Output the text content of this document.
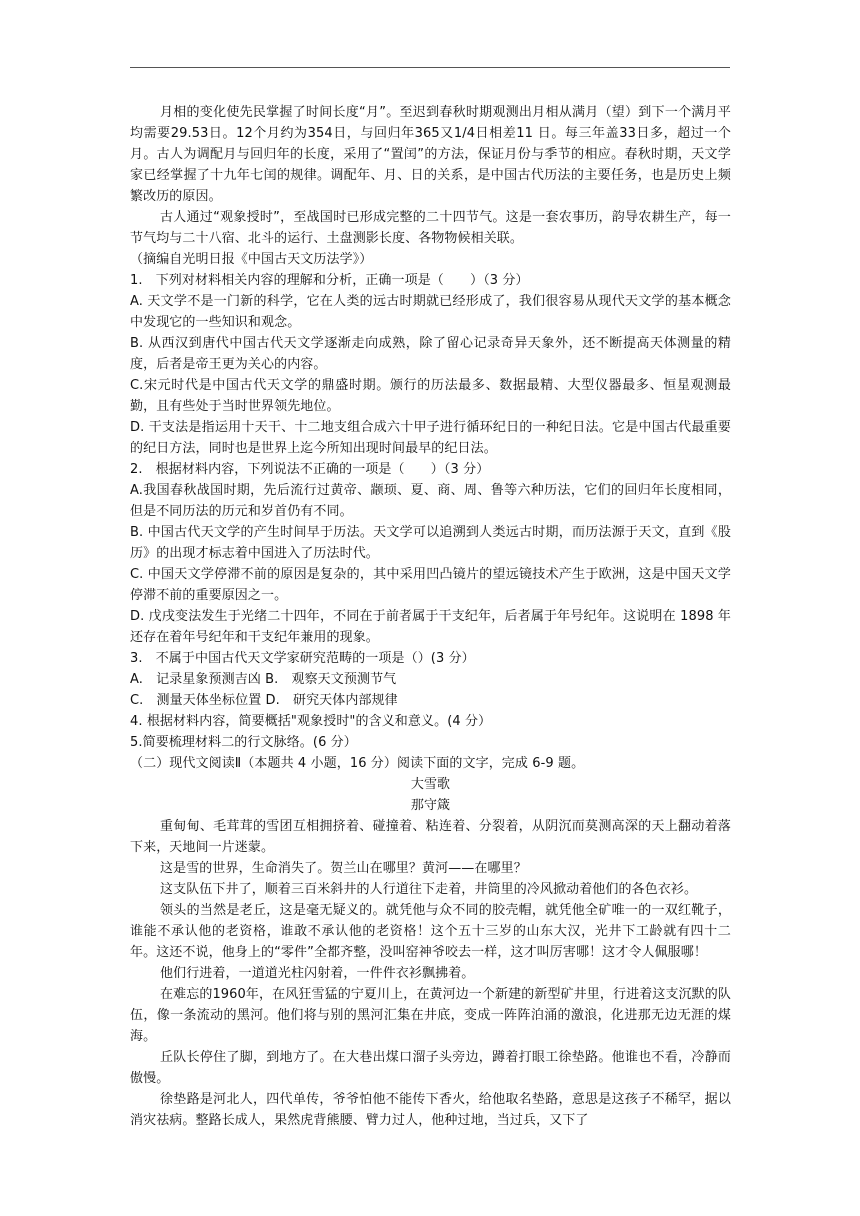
月相的变化使先民掌握了时间长度“月”。至迟到春秋时期观测出月相从满月（望）到下一个满月平均需要29.53日。12个月约为354日，与回归年365又1/4日相差11 日。每三年盖33日多，超过一个月。古人为调配月与回归年的长度，采用了“置闰”的方法，保证月份与季节的相应。春秋时期，天文学家已经掌握了十九年七闰的规律。调配年、月、日的关系，是中国古代历法的主要任务，也是历史上频繁改历的原因。

古人通过“观象授时”，至战国时已形成完整的二十四节气。这是一套农事历，韵导农耕生产，每一节气均与二十八宿、北斗的运行、土盘测影长度、各物物候相关联。

（摘编自光明日报《中国古天文历法学》）

1.　下列对材料相关内容的理解和分析，正确一项是（　　）（3 分）

A. 天文学不是一门新的科学，它在人类的远古时期就已经形成了，我们很容易从现代天文学的基本概念中发现它的一些知识和观念。

B. 从西汉到唐代中国古代天文学逐渐走向成熟，除了留心记录奇异天象外，还不断提高天体测量的精度，后者是帝王更为关心的内容。

C.宋元时代是中国古代天文学的鼎盛时期。颁行的历法最多、数据最精、大型仪器最多、恒星观测最勤，且有些处于当时世界领先地位。

D. 干支法是指运用十天干、十二地支组合成六十甲子进行循环纪日的一种纪日法。它是中国古代最重要的纪日方法，同时也是世界上迄今所知出现时间最早的纪日法。

2.　根据材料内容，下列说法不正确的一项是（　　）（3 分）

A.我国春秋战国时期，先后流行过黄帝、颛顼、夏、商、周、鲁等六种历法，它们的回归年长度相同，但是不同历法的历元和岁首仍有不同。

B. 中国古代天文学的产生时间早于历法。天文学可以追溯到人类远古时期，而历法源于天文，直到《股历》的出现才标志着中国进入了历法时代。

C. 中国天文学停滞不前的原因是复杂的，其中采用凹凸镜片的望远镜技术产生于欧洲，这是中国天文学停滞不前的重要原因之一。

D. 戊戌变法发生于光绪二十四年，不同在于前者属于干支纪年，后者属于年号纪年。这说明在 1898 年还存在着年号纪年和干支纪年兼用的现象。

3.　不属于中国古代天文学家研究范畴的一项是（）(3 分）

A.　记录星象预测吉凶 B.　观察天文预测节气

C.　测量天体坐标位置 D.　研究天体内部规律

4. 根据材料内容，简要概括"观象授时"的含义和意义。(4 分）

5.简要梳理材料二的行文脉络。(6 分）

（二）现代文阅读Ⅱ（本题共 4 小题，16 分）阅读下面的文字，完成 6-9 题。

大雪歌

那守箴

重甸甸、毛茸茸的雪团互相拥挤着、碰撞着、粘连着、分裂着，从阴沉而莫测高深的天上翻动着落下来，天地间一片迷蒙。

这是雪的世界，生命消失了。贺兰山在哪里？黄河——在哪里？

这支队伍下井了，顺着三百米斜井的人行道往下走着，井筒里的冷风掀动着他们的各色衣衫。

领头的当然是老丘，这是毫无疑义的。就凭他与众不同的胶壳帽，就凭他全矿唯一的一双红靴子，谁能不承认他的老资格，谁敢不承认他的老资格！这个五十三岁的山东大汉，光井下工龄就有四十二年。这还不说，他身上的“零件”全都齐整，没叫窑神爷咬去一样，这才叫厉害哪！这才令人佩服哪！

他们行进着，一道道光柱闪射着，一件件衣衫飘拂着。

在难忘的1960年，在风狂雪猛的宁夏川上，在黄河边一个新建的新型矿井里，行进着这支沉默的队伍，像一条流动的黑河。他们将与别的黑河汇集在井底，变成一阵阵泊涌的激浪，化进那无边无涯的煤海。

丘队长停住了脚，到地方了。在大巷出煤口溜子头旁边，蹲着打眼工徐垫路。他谁也不看，冷静而傲慢。

徐垫路是河北人，四代单传，爷爷怕他不能传下香火，给他取名垫路，意思是这孩子不稀罕，据以消灾祛病。整路长成人，果然虎背熊腰、臂力过人，他种过地，当过兵，又下了
